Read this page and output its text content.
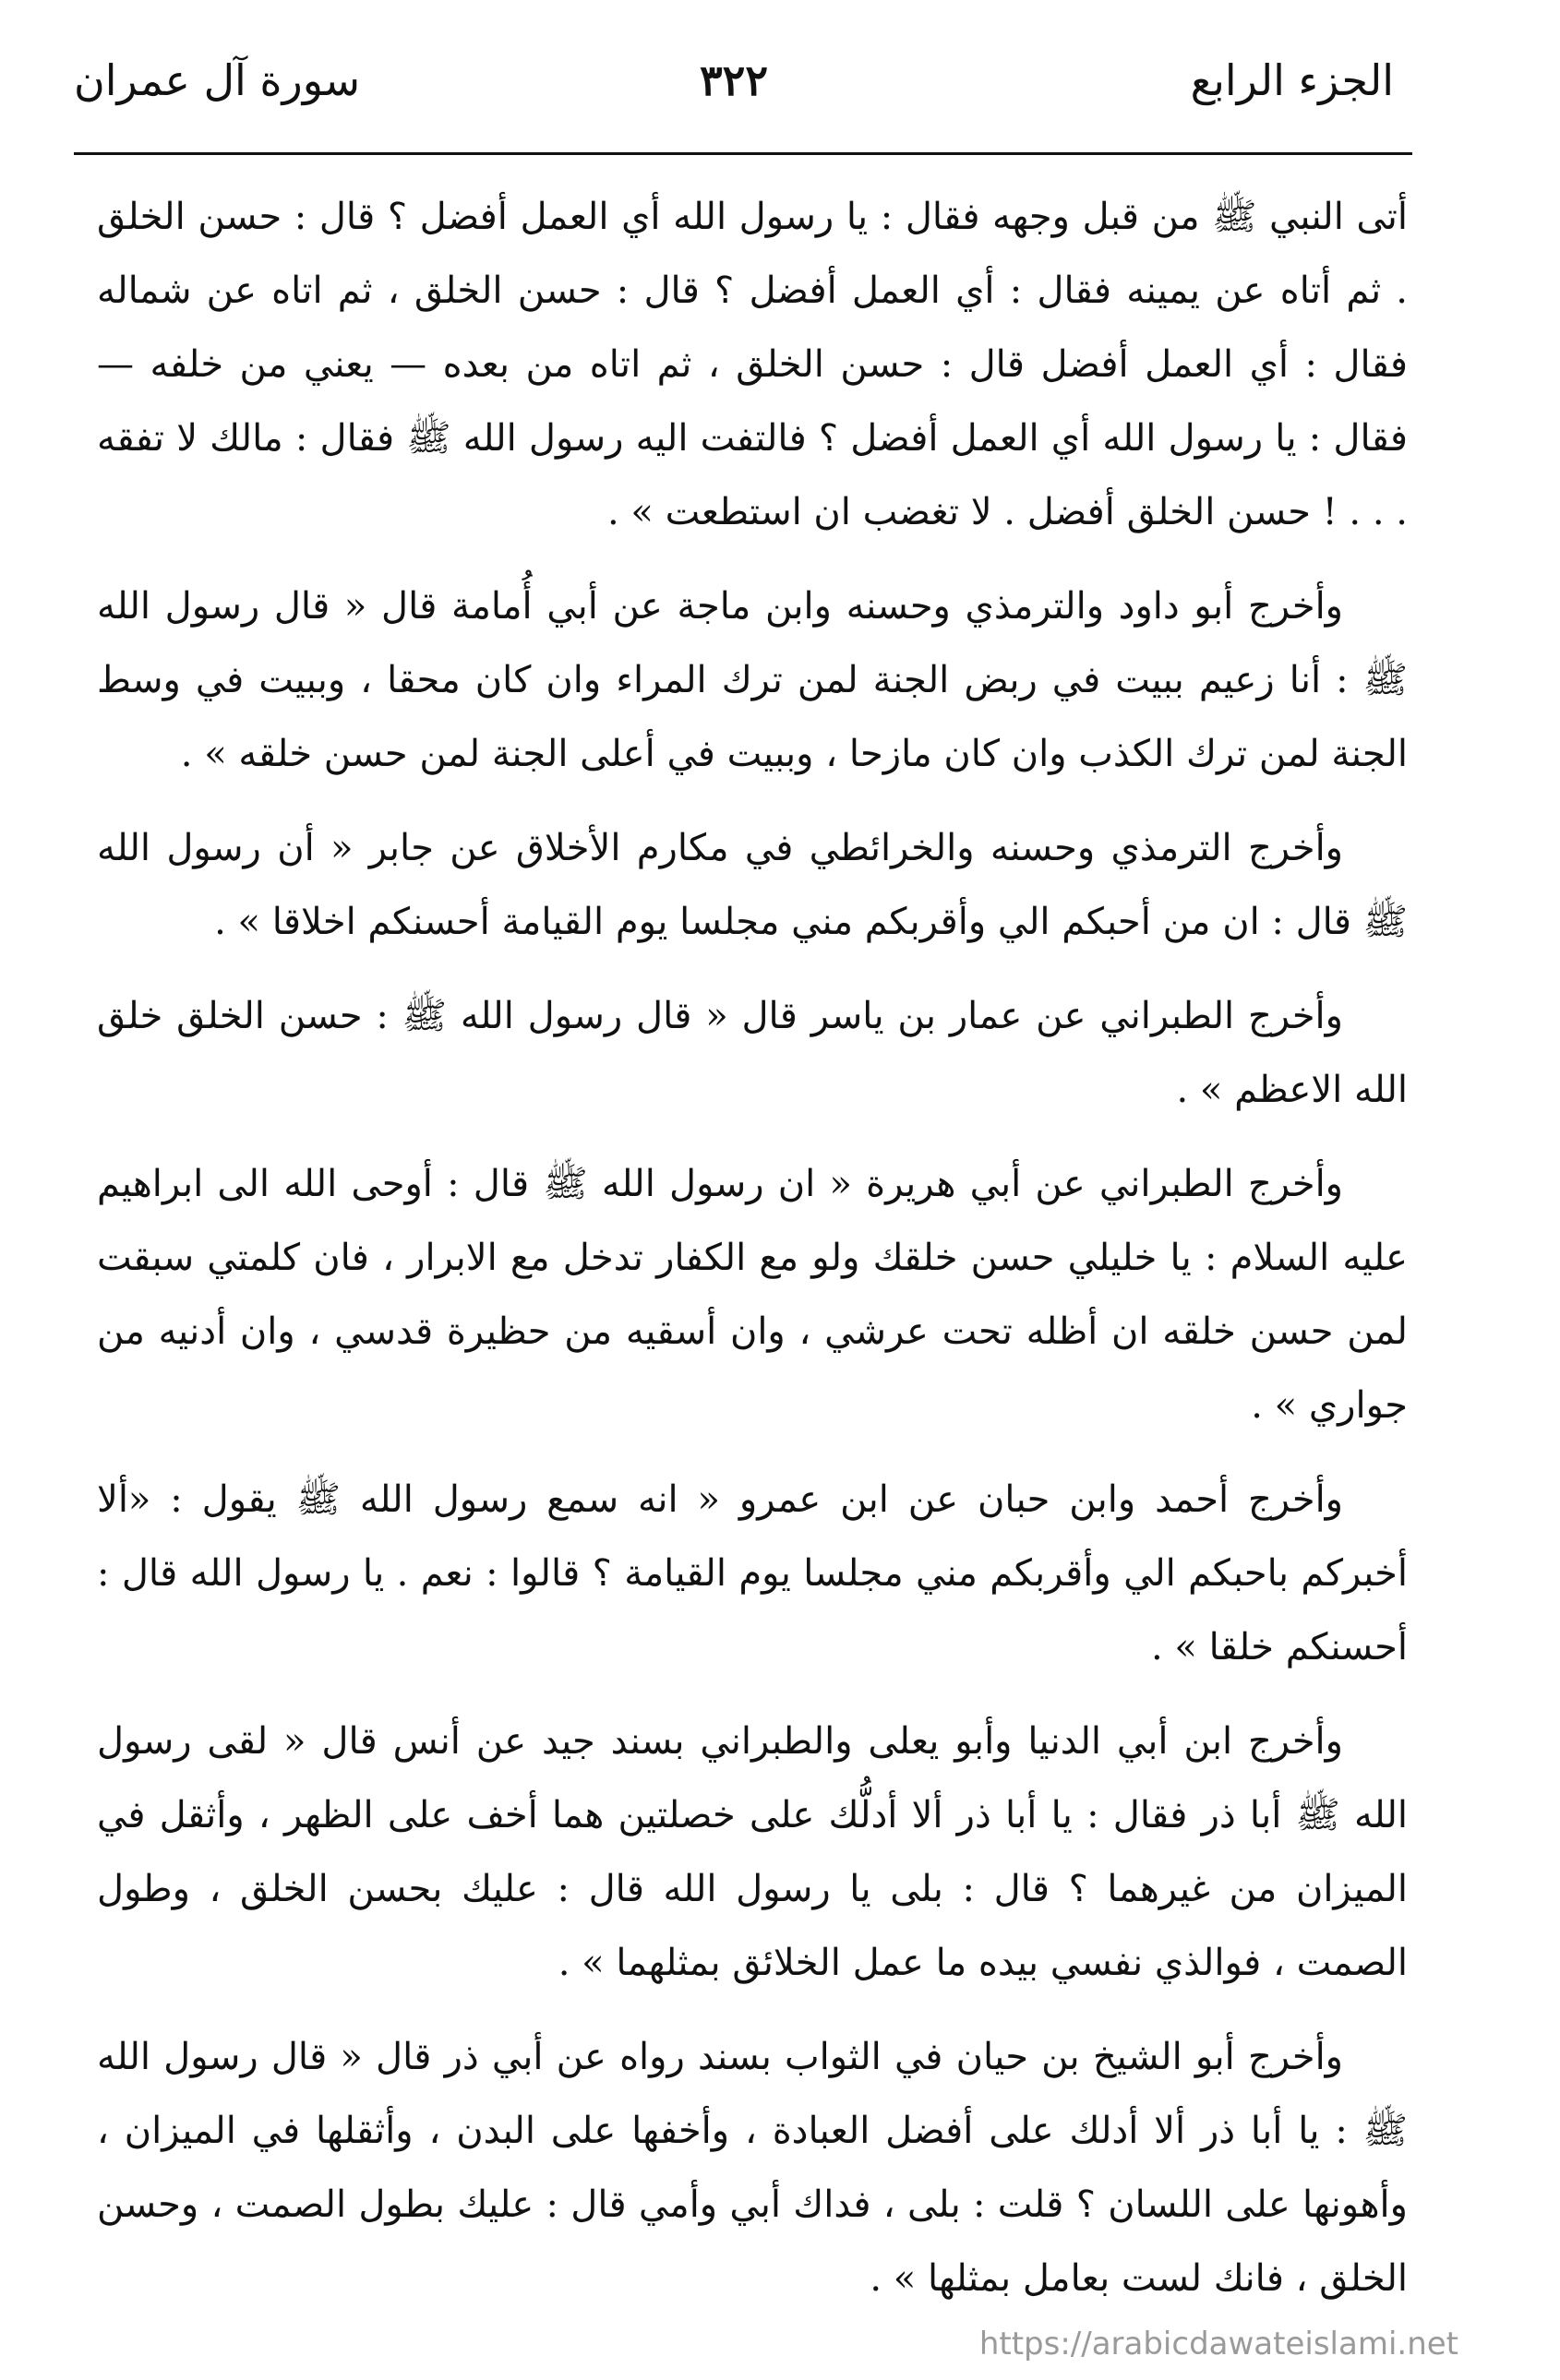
الجزء الرابع
٣٢٢
سورة آل عمران

أتى النبي ﷺ من قبل وجهه فقال : يا رسول الله أي العمل أفضل ؟ قال : حسن الخلق . ثم أتاه عن يمينه فقال : أي العمل أفضل ؟ قال : حسن الخلق ، ثم اتاه عن شماله فقال : أي العمل أفضل قال : حسن الخلق ، ثم اتاه من بعده — يعني من خلفه — فقال : يا رسول الله أي العمل أفضل ؟ فالتفت اليه رسول الله ﷺ فقال : مالك لا تفقه . . . ! حسن الخلق أفضل . لا تغضب ان استطعت » .

وأخرج أبو داود والترمذي وحسنه وابن ماجة عن أبي أُمامة قال « قال رسول الله ﷺ : أنا زعيم ببيت في ربض الجنة لمن ترك المراء وان كان محقا ، وببيت في وسط الجنة لمن ترك الكذب وان كان مازحا ، وببيت في أعلى الجنة لمن حسن خلقه » .

وأخرج الترمذي وحسنه والخرائطي في مكارم الأخلاق عن جابر « أن رسول الله ﷺ قال : ان من أحبكم الي وأقربكم مني مجلسا يوم القيامة أحسنكم اخلاقا » .

وأخرج الطبراني عن عمار بن ياسر قال « قال رسول الله ﷺ : حسن الخلق خلق الله الاعظم » .

وأخرج الطبراني عن أبي هريرة « ان رسول الله ﷺ قال : أوحى الله الى ابراهيم عليه السلام : يا خليلي حسن خلقك ولو مع الكفار تدخل مع الابرار ، فان كلمتي سبقت لمن حسن خلقه ان أظله تحت عرشي ، وان أسقيه من حظيرة قدسي ، وان أدنيه من جواري » .

وأخرج أحمد وابن حبان عن ابن عمرو « انه سمع رسول الله ﷺ يقول : «ألا أخبركم باحبكم الي وأقربكم مني مجلسا يوم القيامة ؟ قالوا : نعم . يا رسول الله قال : أحسنكم خلقا » .

وأخرج ابن أبي الدنيا وأبو يعلى والطبراني بسند جيد عن أنس قال « لقى رسول الله ﷺ أبا ذر فقال : يا أبا ذر ألا أدلُّك على خصلتين هما أخف على الظهر ، وأثقل في الميزان من غيرهما ؟ قال : بلى يا رسول الله قال : عليك بحسن الخلق ، وطول الصمت ، فوالذي نفسي بيده ما عمل الخلائق بمثلهما » .

وأخرج أبو الشيخ بن حيان في الثواب بسند رواه عن أبي ذر قال « قال رسول الله ﷺ : يا أبا ذر ألا أدلك على أفضل العبادة ، وأخفها على البدن ، وأثقلها في الميزان ، وأهونها على اللسان ؟ قلت : بلى ، فداك أبي وأمي قال : عليك بطول الصمت ، وحسن الخلق ، فانك لست بعامل بمثلها » .

https://arabicdawateislami.net
